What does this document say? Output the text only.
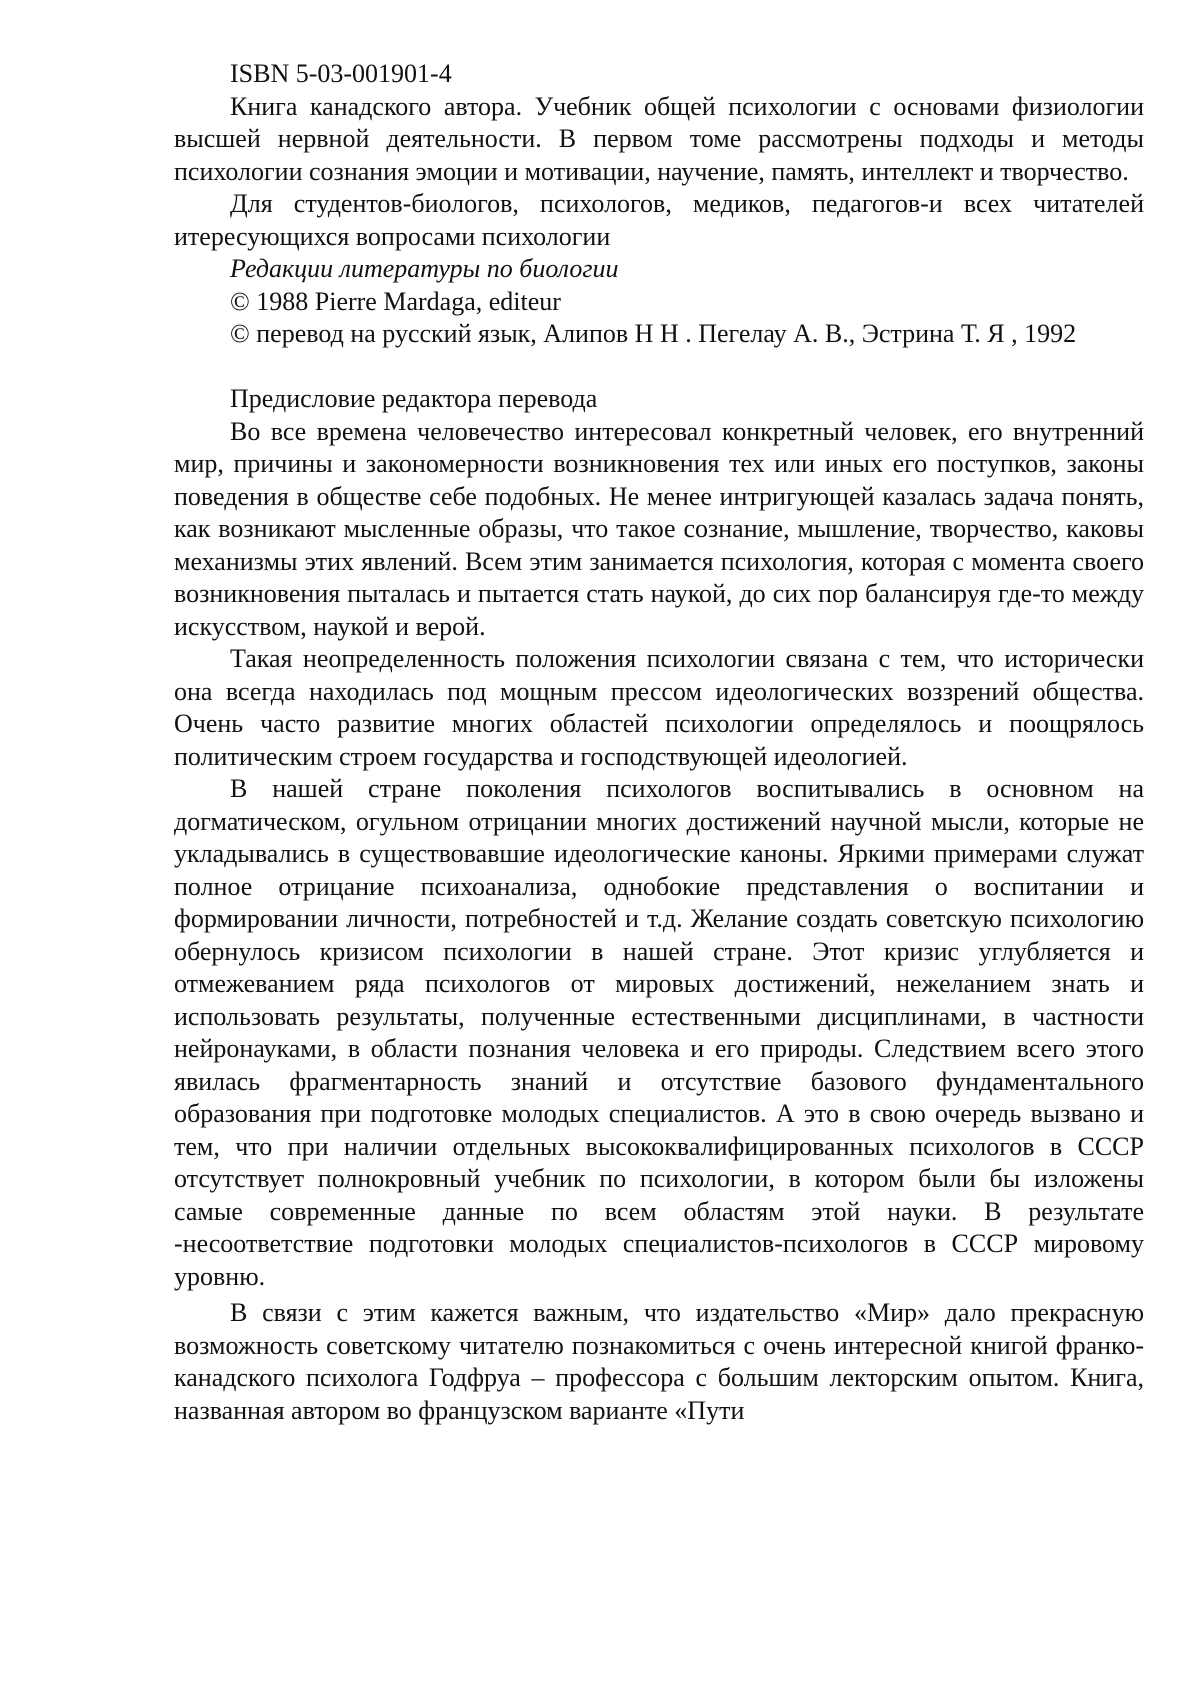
ISBN 5-03-001901-4

Книга канадского автора. Учебник общей психологии с основами физиологии высшей нервной деятельности. В первом томе рассмотрены подходы и методы психологии сознания эмоции и мотивации, научение, память, интеллект и творчество.

Для студентов-биологов, психологов, медиков, педагогов-и всех читателей итересующихся вопросами психологии

Редакции литературы по биологии

© 1988 Pierre Mardaga, editeur

© перевод на русский язык, Алипов Н Н . Пегелау А. В., Эстрина Т. Я , 1992

Предисловие редактора перевода

Во все времена человечество интересовал конкретный человек, его внутренний мир, причины и закономерности возникновения тех или иных его поступков, законы поведения в обществе себе подобных. Не менее интригующей казалась задача понять, как возникают мысленные образы, что такое сознание, мышление, творчество, каковы механизмы этих явлений. Всем этим занимается психология, которая с момента своего возникновения пыталась и пытается стать наукой, до сих пор балансируя где-то между искусством, наукой и верой.

Такая неопределенность положения психологии связана с тем, что исторически она всегда находилась под мощным прессом идеологических воззрений общества. Очень часто развитие многих областей психологии определялось и поощрялось политическим строем государства и господствующей идеологией.

В нашей стране поколения психологов воспитывались в основном на догматическом, огульном отрицании многих достижений научной мысли, которые не укладывались в существовавшие идеологические каноны. Яркими примерами служат полное отрицание психоанализа, однобокие представления о воспитании и формировании личности, потребностей и т.д. Желание создать советскую психологию обернулось кризисом психологии в нашей стране. Этот кризис углубляется и отмежеванием ряда психологов от мировых достижений, нежеланием знать и использовать результаты, полученные естественными дисциплинами, в частности нейронауками, в области познания человека и его природы. Следствием всего этого явилась фрагментарность знаний и отсутствие базового фундаментального образования при подготовке молодых специалистов. А это в свою очередь вызвано и тем, что при наличии отдельных высококвалифицированных психологов в СССР отсутствует полнокровный учебник по психологии, в котором были бы изложены самые современные данные по всем областям этой науки. В результате -несоответствие подготовки молодых специалистов-психологов в СССР мировому уровню.

В связи с этим кажется важным, что издательство «Мир» дало прекрасную возможность советскому читателю познакомиться с очень интересной книгой франко-канадского психолога Годфруа – профессора с большим лекторским опытом. Книга, названная автором во французском варианте «Пути
